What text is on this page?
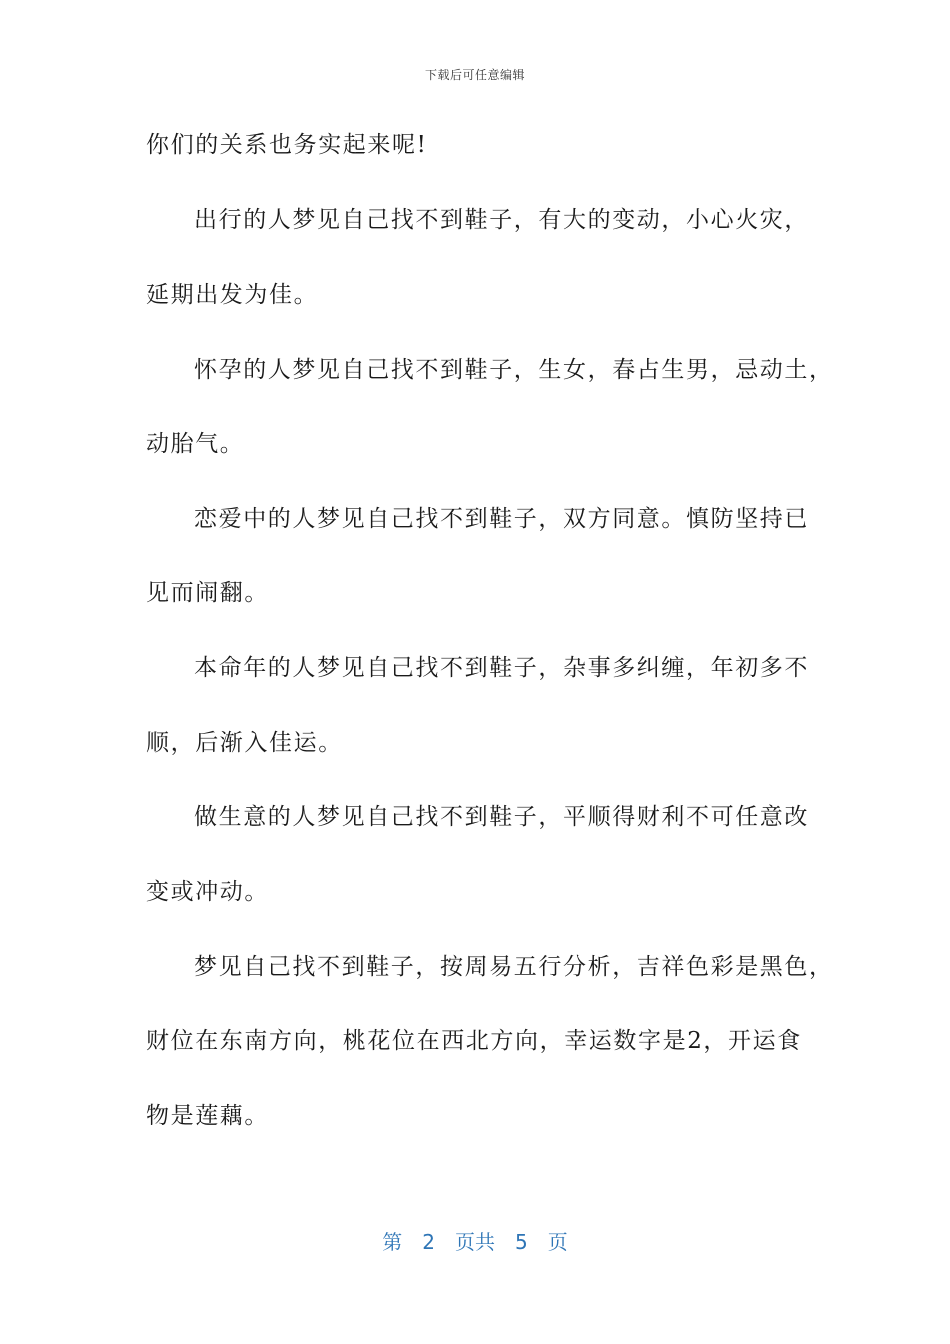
下载后可任意编辑
你们的关系也务实起来呢!
出行的人梦见自己找不到鞋子，有大的变动，小心火灾，
延期出发为佳。
怀孕的人梦见自己找不到鞋子，生女，春占生男，忌动土，
动胎气。
恋爱中的人梦见自己找不到鞋子，双方同意。慎防坚持已
见而闹翻。
本命年的人梦见自己找不到鞋子，杂事多纠缠，年初多不
顺，后渐入佳运。
做生意的人梦见自己找不到鞋子，平顺得财利不可任意改
变或冲动。
梦见自己找不到鞋子，按周易五行分析，吉祥色彩是黑色，
财位在东南方向，桃花位在西北方向，幸运数字是2，开运食
物是莲藕。
第 2 页共 5 页
